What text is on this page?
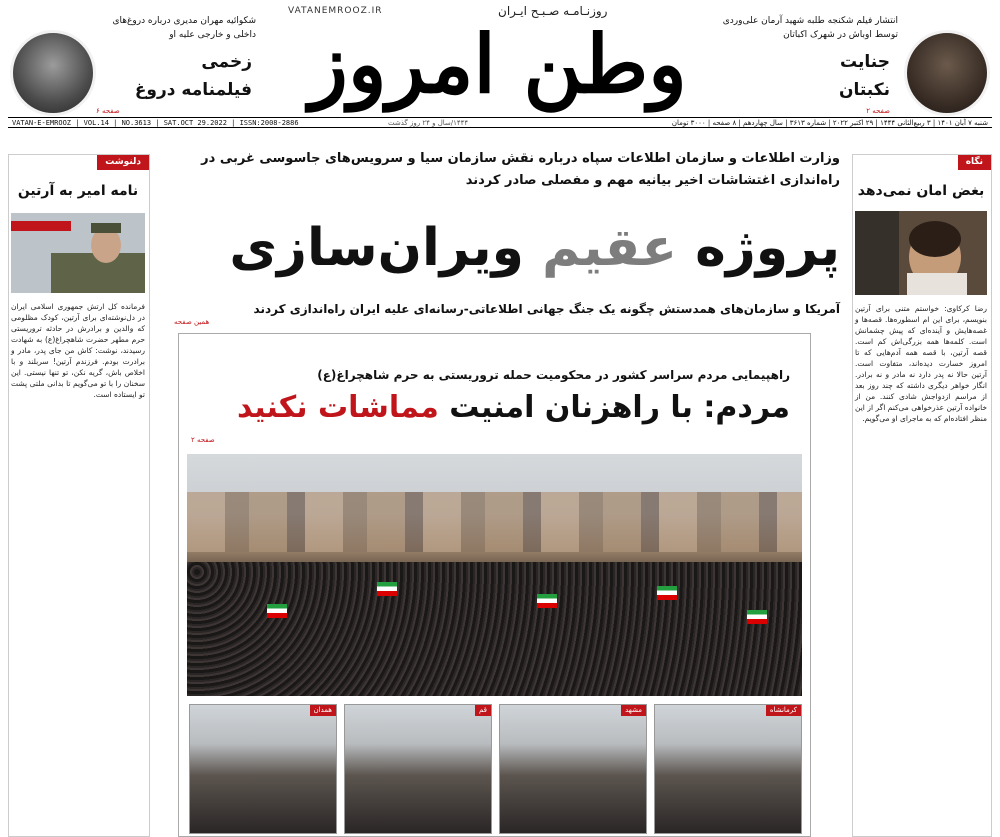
انتشار فیلم شکنجه طلبه شهید آرمان علی‌وردی توسط اوباش در شهرک اکباتان
جنایت
نکبتان
صفحه ۲
VATANEMROOZ.IR	روزنـامـه صـبـح ایـران
وطن امروز
شکوائیه مهران مدیری درباره دروغ‌های داخلی و خارجی علیه او
زخمی
فیلمنامه دروغ
صفحه ۶
شنبه ۷ آبان ۱۴۰۱ | ۳ ربیع‌الثانی ۱۴۴۴ | ۲۹ اکتبر ۲۰۲۲ | شماره ۳۶۱۳ | سال چهاردهم | ۸ صفحه | ۳۰۰۰ تومان
۱۴۴۴/سال و ۲۴ روز گذشت
VATAN-E-EMROOZ | VOL.14 | NO.3613 | SAT.OCT 29.2022 | ISSN:2008-2886
نگاه
بغض امان نمی‌دهد
رضا کرکاوی: خواستم متنی برای آرتین بنویسم، برای این ام اسطوره‌ها. قصه‌ها و غصه‌هایش و آینده‌ای که پیش چشمانش است. کلمه‌ها همه بزرگی‌اش کم است. قصه آرتین، با قصه همه آدم‌هایی که تا امروز خسارت دیده‌اند، متفاوت است. آرتین حالا نه پدر دارد نه مادر و نه برادر. انگار خواهر دیگری داشته که چند روز بعد از مراسم ازدواجش شادی کنند. من از خانواده آرتین عذرخواهی می‌کنم اگر از این منظر افتاده‌ام که به ماجرای او می‌گویم.
دلنوشت
نامه امیر به آرتین
فرمانده کل ارتش جمهوری اسلامی ایران در دل‌نوشته‌ای برای آرتین، کودک مظلومی که والدین و برادرش در حادثه تروریستی حرم مطهر حضرت شاهچراغ(ع) به شهادت رسیدند، نوشت: کاش من جای پدر، مادر و برادرت بودم. فرزندم آرتین! سربلند و با اخلاص باش، گریه نکن، تو تنها نیستی. این سخنان را با تو می‌گویم تا بدانی ملتی پشت تو ایستاده است.
وزارت اطلاعات و سازمان اطلاعات سپاه درباره نقش سازمان سیا و سرویس‌های جاسوسی غربی در راه‌اندازی اغتشاشات اخیر بیانیه مهم و مفصلی صادر کردند
پروژه عقیم ویران‌سازی
آمریکا و سازمان‌های همدستش چگونه یک جنگ جهانی اطلاعاتی-رسانه‌ای علیه ایران راه‌اندازی کردند
همین صفحه
راهپیمایی مردم سراسر کشور در محکومیت حمله تروریستی به حرم شاهچراغ(ع)
مردم: با راهزنان امنیت مماشات نکنید
صفحه ۲
کرمانشاه
مشهد
قم
همدان
